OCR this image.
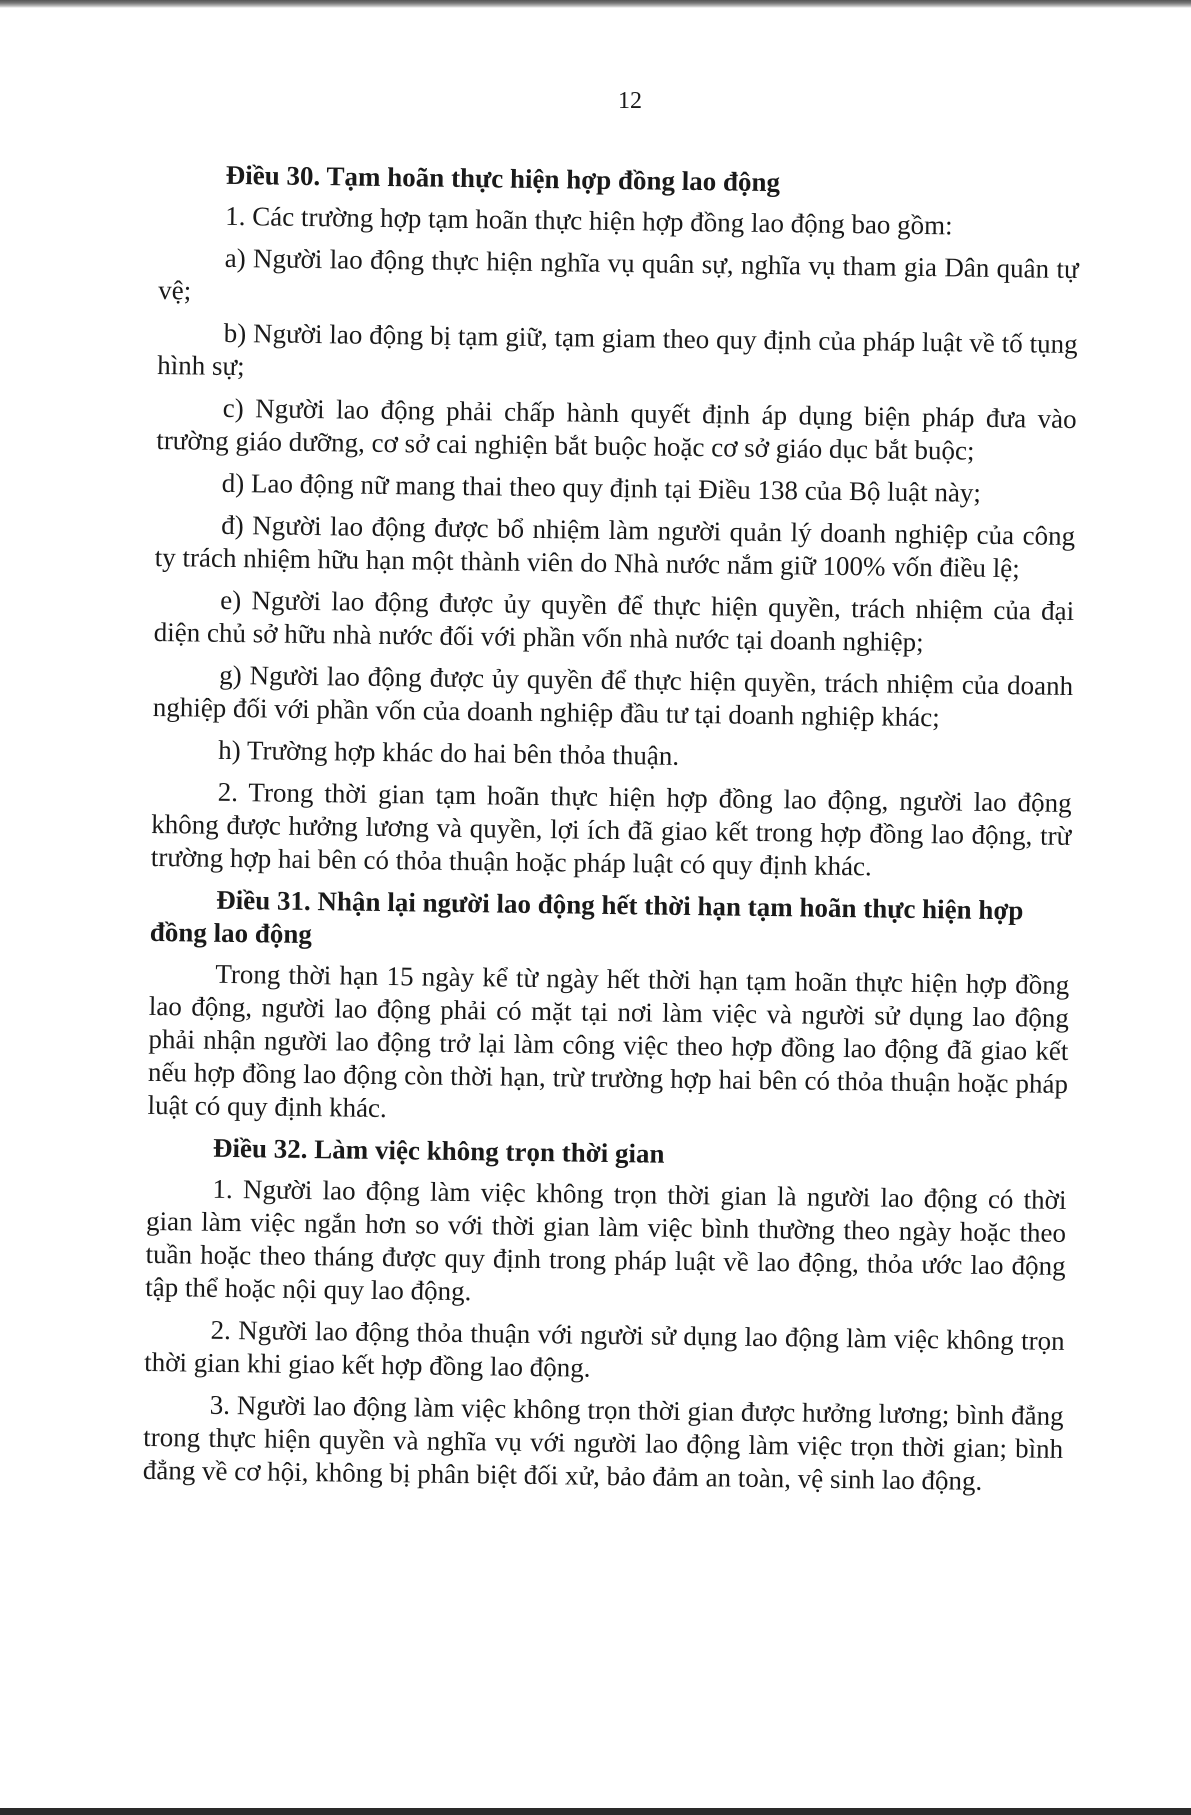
12
Điều 30. Tạm hoãn thực hiện hợp đồng lao động

1. Các trường hợp tạm hoãn thực hiện hợp đồng lao động bao gồm:

a) Người lao động thực hiện nghĩa vụ quân sự, nghĩa vụ tham gia Dân quân tự vệ;

b) Người lao động bị tạm giữ, tạm giam theo quy định của pháp luật về tố tụng hình sự;

c) Người lao động phải chấp hành quyết định áp dụng biện pháp đưa vào trường giáo dưỡng, cơ sở cai nghiện bắt buộc hoặc cơ sở giáo dục bắt buộc;

d) Lao động nữ mang thai theo quy định tại Điều 138 của Bộ luật này;

đ) Người lao động được bổ nhiệm làm người quản lý doanh nghiệp của công ty trách nhiệm hữu hạn một thành viên do Nhà nước nắm giữ 100% vốn điều lệ;

e) Người lao động được ủy quyền để thực hiện quyền, trách nhiệm của đại diện chủ sở hữu nhà nước đối với phần vốn nhà nước tại doanh nghiệp;

g) Người lao động được ủy quyền để thực hiện quyền, trách nhiệm của doanh nghiệp đối với phần vốn của doanh nghiệp đầu tư tại doanh nghiệp khác;

h) Trường hợp khác do hai bên thỏa thuận.

2. Trong thời gian tạm hoãn thực hiện hợp đồng lao động, người lao động không được hưởng lương và quyền, lợi ích đã giao kết trong hợp đồng lao động, trừ trường hợp hai bên có thỏa thuận hoặc pháp luật có quy định khác.

Điều 31. Nhận lại người lao động hết thời hạn tạm hoãn thực hiện hợp đồng lao động

Trong thời hạn 15 ngày kể từ ngày hết thời hạn tạm hoãn thực hiện hợp đồng lao động, người lao động phải có mặt tại nơi làm việc và người sử dụng lao động phải nhận người lao động trở lại làm công việc theo hợp đồng lao động đã giao kết nếu hợp đồng lao động còn thời hạn, trừ trường hợp hai bên có thỏa thuận hoặc pháp luật có quy định khác.

Điều 32. Làm việc không trọn thời gian

1. Người lao động làm việc không trọn thời gian là người lao động có thời gian làm việc ngắn hơn so với thời gian làm việc bình thường theo ngày hoặc theo tuần hoặc theo tháng được quy định trong pháp luật về lao động, thỏa ước lao động tập thể hoặc nội quy lao động.

2. Người lao động thỏa thuận với người sử dụng lao động làm việc không trọn thời gian khi giao kết hợp đồng lao động.

3. Người lao động làm việc không trọn thời gian được hưởng lương; bình đẳng trong thực hiện quyền và nghĩa vụ với người lao động làm việc trọn thời gian; bình đẳng về cơ hội, không bị phân biệt đối xử, bảo đảm an toàn, vệ sinh lao động.
